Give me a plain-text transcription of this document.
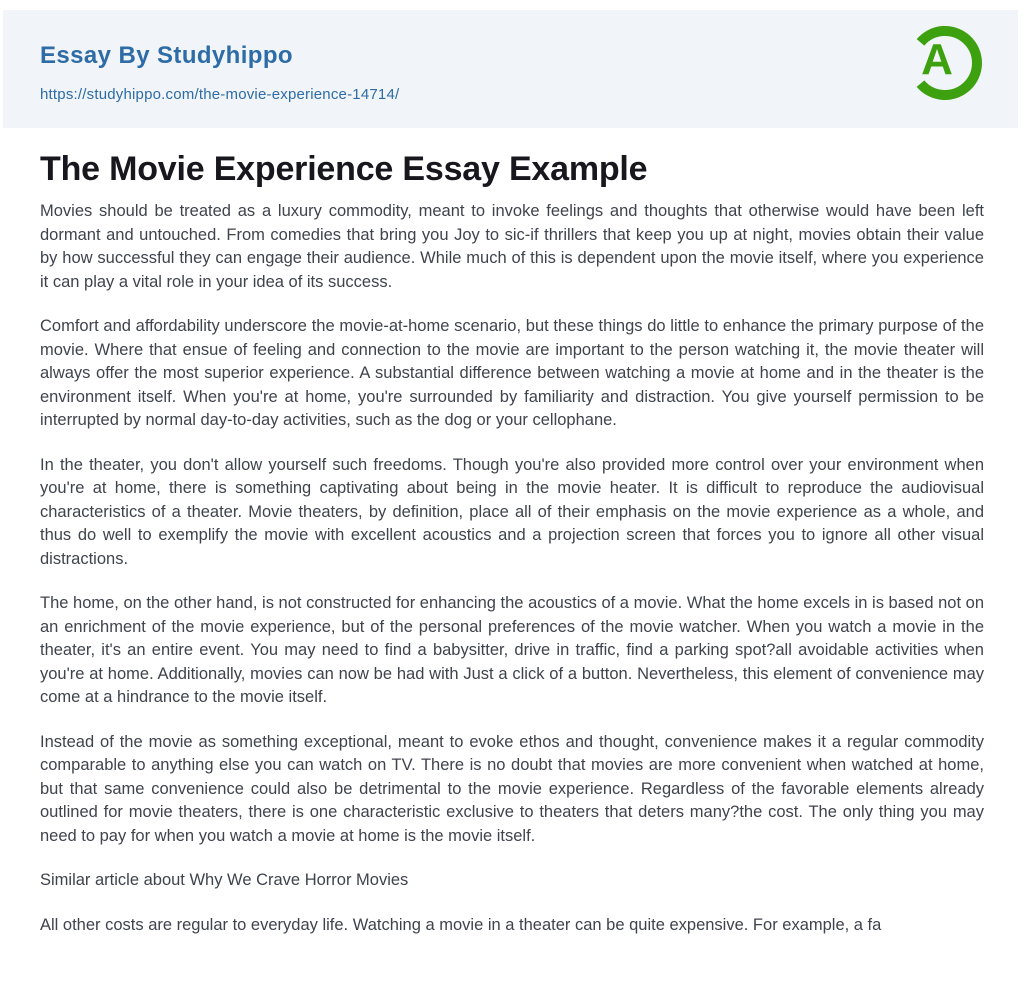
Essay By Studyhippo
https://studyhippo.com/the-movie-experience-14714/
A
The Movie Experience Essay Example

Movies should be treated as a luxury commodity, meant to invoke feelings and thoughts that otherwise would have been left dormant and untouched. From comedies that bring you Joy to sic-if thrillers that keep you up at night, movies obtain their value by how successful they can engage their audience. While much of this is dependent upon the movie itself, where you experience it can play a vital role in your idea of its success.

Comfort and affordability underscore the movie-at-home scenario, but these things do little to enhance the primary purpose of the movie. Where that ensue of feeling and connection to the movie are important to the person watching it, the movie theater will always offer the most superior experience. A substantial difference between watching a movie at home and in the theater is the environment itself. When you're at home, you're surrounded by familiarity and distraction. You give yourself permission to be interrupted by normal day-to-day activities, such as the dog or your cellophane.

In the theater, you don't allow yourself such freedoms. Though you're also provided more control over your environment when you're at home, there is something captivating about being in the movie heater. It is difficult to reproduce the audiovisual characteristics of a theater. Movie theaters, by definition, place all of their emphasis on the movie experience as a whole, and thus do well to exemplify the movie with excellent acoustics and a projection screen that forces you to ignore all other visual distractions.

The home, on the other hand, is not constructed for enhancing the acoustics of a movie. What the home excels in is based not on an enrichment of the movie experience, but of the personal preferences of the movie watcher. When you watch a movie in the theater, it's an entire event. You may need to find a babysitter, drive in traffic, find a parking spot?all avoidable activities when you're at home. Additionally, movies can now be had with Just a click of a button. Nevertheless, this element of convenience may come at a hindrance to the movie itself.

Instead of the movie as something exceptional, meant to evoke ethos and thought, convenience makes it a regular commodity comparable to anything else you can watch on TV. There is no doubt that movies are more convenient when watched at home, but that same convenience could also be detrimental to the movie experience. Regardless of the favorable elements already outlined for movie theaters, there is one characteristic exclusive to theaters that deters many?the cost. The only thing you may need to pay for when you watch a movie at home is the movie itself.

Similar article about Why We Crave Horror Movies

All other costs are regular to everyday life. Watching a movie in a theater can be quite expensive. For example, a fa
